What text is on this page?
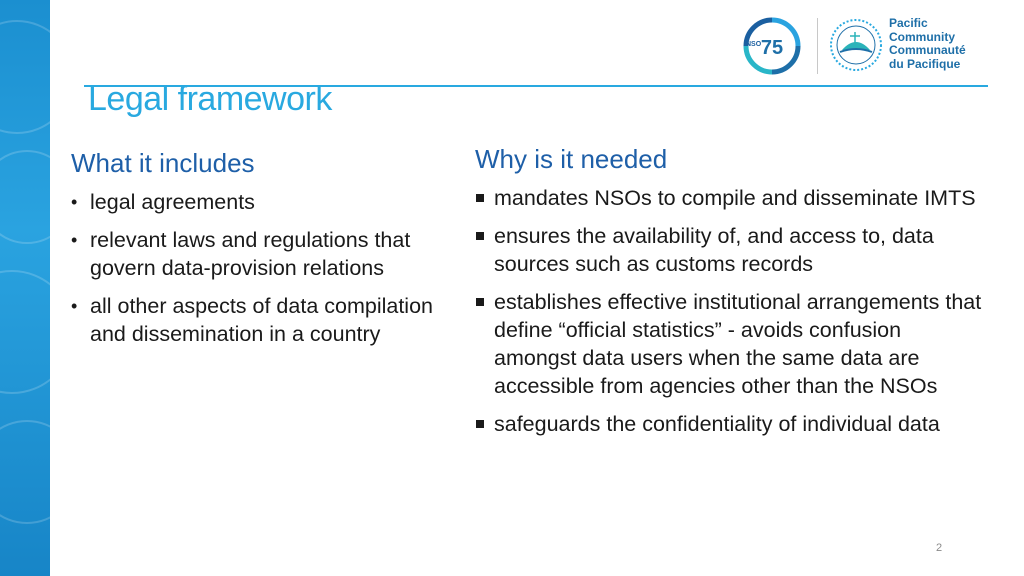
75
NSO
Pacific
Community
Communauté
du Pacifique
Legal framework
What it includes
• legal agreements
• relevant laws and regulations that govern data-provision relations
• all other aspects of data compilation and dissemination in a country
Why is it needed
mandates NSOs to compile and disseminate IMTS
ensures the availability of, and access to, data sources such as customs records
establishes effective institutional arrangements that define “official statistics” - avoids confusion amongst data users when the same data are accessible from agencies other than the NSOs
safeguards the confidentiality of individual data
2
